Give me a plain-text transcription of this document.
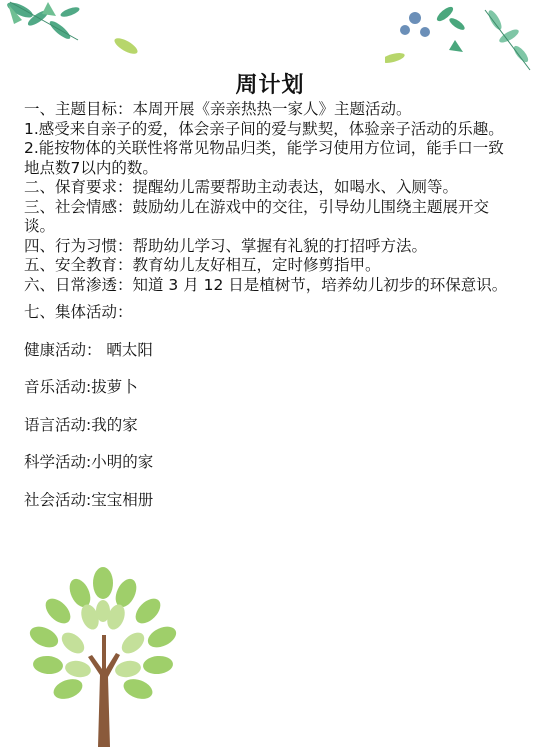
周计划

一、主题目标：本周开展《亲亲热热一家人》主题活动。

1.感受来自亲子的爱，体会亲子间的爱与默契，体验亲子活动的乐趣。

2.能按物体的关联性将常见物品归类，能学习使用方位词，能手口一致地点数7以内的数。

二、保育要求：提醒幼儿需要帮助主动表达，如喝水、入厕等。

三、社会情感：鼓励幼儿在游戏中的交往，引导幼儿围绕主题展开交谈。

四、行为习惯：帮助幼儿学习、掌握有礼貌的打招呼方法。

五、安全教育：教育幼儿友好相互，定时修剪指甲。

六、日常渗透：知道 3 月 12 日是植树节，培养幼儿初步的环保意识。

七、集体活动：

健康活动： 晒太阳

音乐活动:拔萝卜

语言活动:我的家

科学活动:小明的家

社会活动:宝宝相册
